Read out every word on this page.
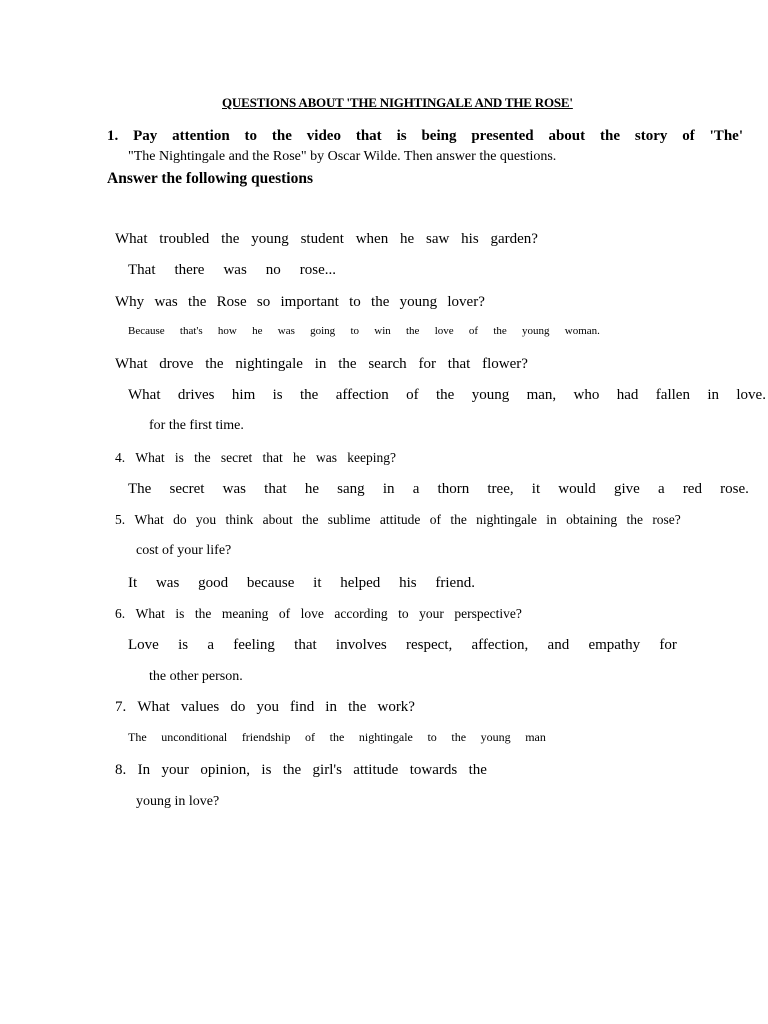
QUESTIONS ABOUT 'THE NIGHTINGALE AND THE ROSE'
1. Pay attention to the video that is being presented about the story of 'The'
"The Nightingale and the Rose" by Oscar Wilde. Then answer the questions.
Answer the following questions
What troubled the young student when he saw his garden?
That there was no rose...
Why was the Rose so important to the young lover?
Because that's how he was going to win the love of the young woman.
What drove the nightingale in the search for that flower?
What drives him is the affection of the young man, who had fallen in love.
for the first time.
4. What is the secret that he was keeping?
The secret was that he sang in a thorn tree, it would give a red rose.
5. What do you think about the sublime attitude of the nightingale in obtaining the rose?
cost of your life?
It was good because it helped his friend.
6. What is the meaning of love according to your perspective?
Love is a feeling that involves respect, affection, and empathy for
the other person.
7. What values do you find in the work?
The unconditional friendship of the nightingale to the young man
8. In your opinion, is the girl's attitude towards the
young in love?
